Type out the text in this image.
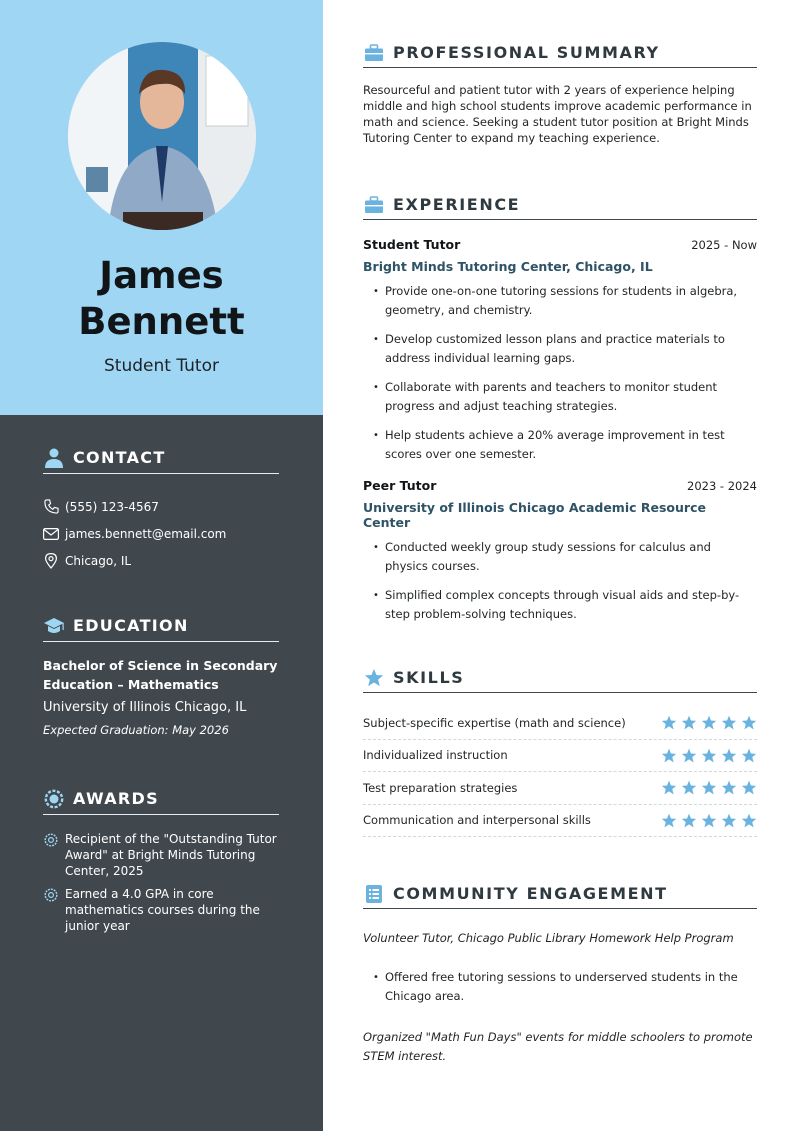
James
Bennett
Student Tutor
CONTACT
(555) 123-4567
james.bennett@email.com
Chicago, IL
EDUCATION
Bachelor of Science in Secondary
Education – Mathematics
University of Illinois Chicago, IL
Expected Graduation: May 2026
AWARDS
Recipient of the "Outstanding Tutor Award" at Bright Minds Tutoring Center, 2025
Earned a 4.0 GPA in core mathematics courses during the junior year
PROFESSIONAL SUMMARY

Resourceful and patient tutor with 2 years of experience helping middle and high school students improve academic performance in math and science. Seeking a student tutor position at Bright Minds Tutoring Center to expand my teaching experience.

EXPERIENCE
Student Tutor	2025 - Now
Bright Minds Tutoring Center, Chicago, IL
• Provide one-on-one tutoring sessions for students in algebra, geometry, and chemistry.
• Develop customized lesson plans and practice materials to address individual learning gaps.
• Collaborate with parents and teachers to monitor student progress and adjust teaching strategies.
• Help students achieve a 20% average improvement in test scores over one semester.
Peer Tutor	2023 - 2024
University of Illinois Chicago Academic Resource Center
• Conducted weekly group study sessions for calculus and physics courses.
• Simplified complex concepts through visual aids and step-by-step problem-solving techniques.
SKILLS
Subject-specific expertise (math and science)
Individualized instruction
Test preparation strategies
Communication and interpersonal skills
COMMUNITY ENGAGEMENT

Volunteer Tutor, Chicago Public Library Homework Help Program

• Offered free tutoring sessions to underserved students in the Chicago area.

Organized "Math Fun Days" events for middle schoolers to promote STEM interest.
